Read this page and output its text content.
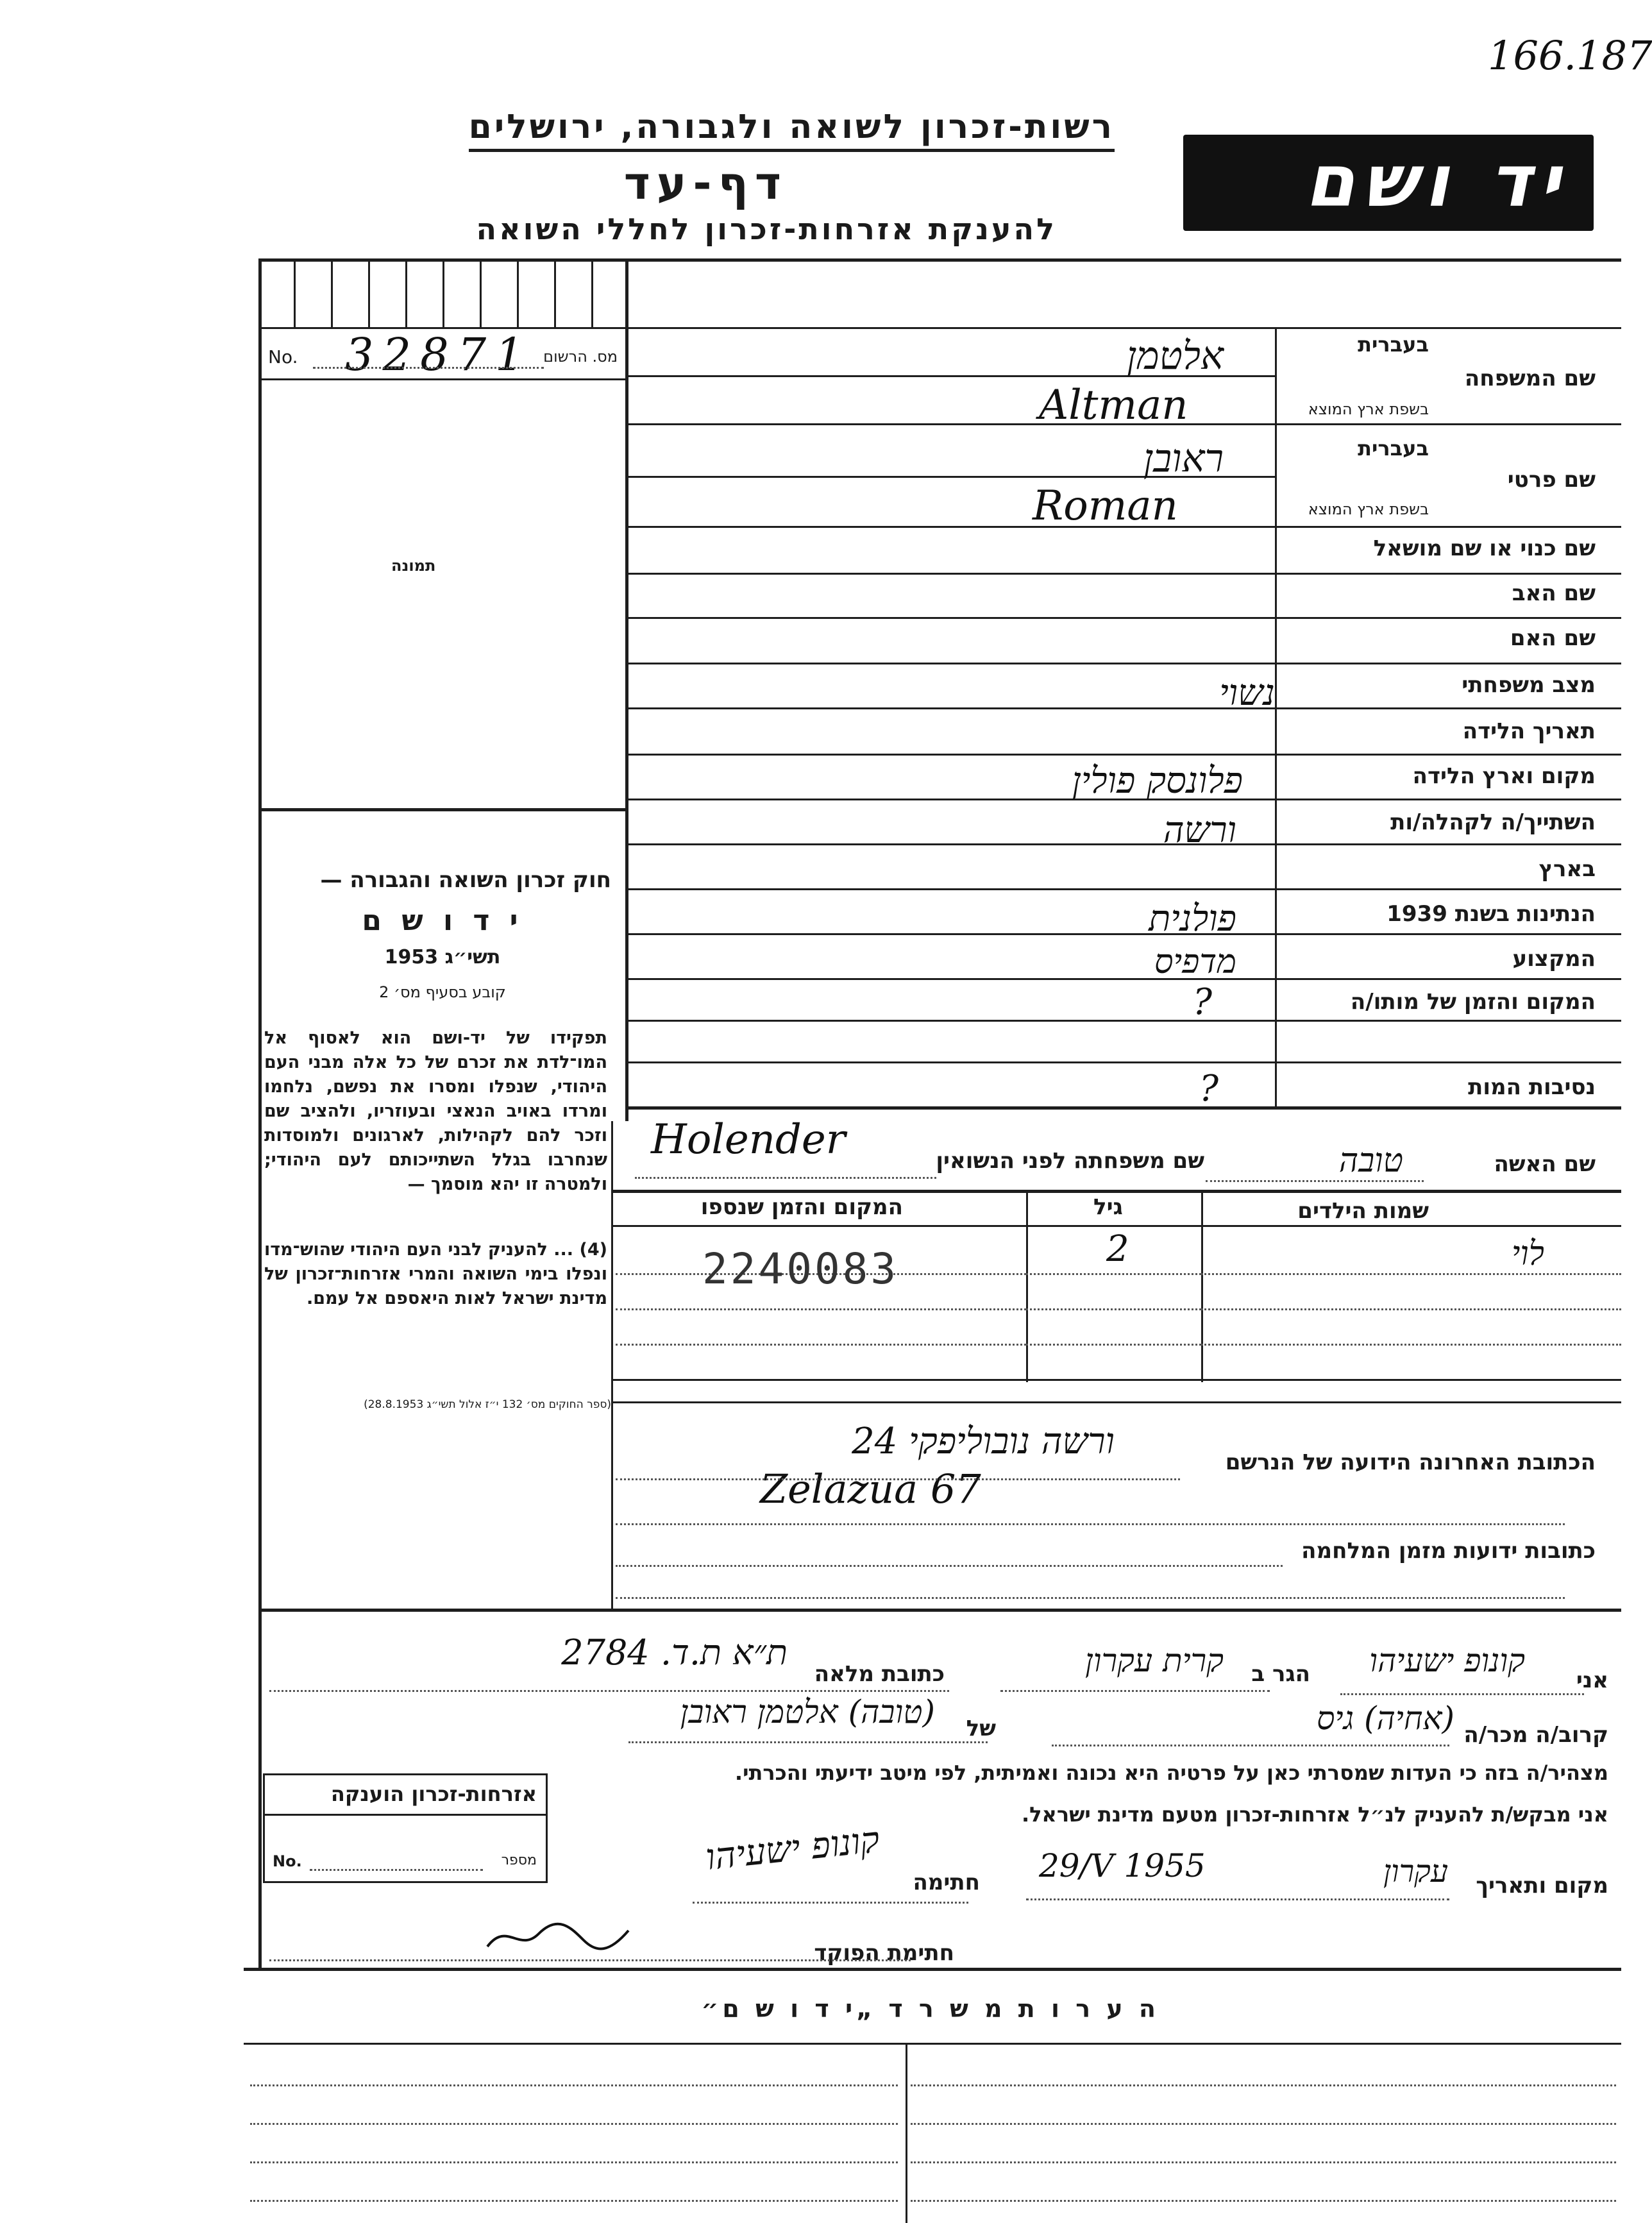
166.187
רשות-זכרון לשואה ולגבורה, ירושלים
דף-עד
להענקת אזרחות-זכרון לחללי השואה
יד ושם
No. 32871 מס. הרשום
תמונה
חוק זכרון השואה והגבורה —
י ד ו ש ם
תשי״ג 1953
קובע בסעיף מס׳ 2
תפקידו של יד-ושם הוא לאסוף אל המו־לדת את זכרם של כל אלה מבני העם היהודי, שנפלו ומסרו את נפשם, נלחמו ומרדו באויב הנאצי ובעוזריו, ולהציב שם וזכר להם לקהילות, לארגונים ולמוסדות שנחרבו בגלל השתייכותם לעם היהודי; ולמטרה זו יהא מוסמך —
(4) ... להעניק לבני העם היהודי שהוש־מדו ונפלו בימי השואה והמרי אזרחות־זכרון של מדינת ישראל לאות היאספם אל עמם.
(ספר החוקים מס׳ 132 י״ז אלול תשי״ג 28.8.1953)
שם המשפחה
בעברית
בשפת ארץ המוצא
אלטמן
Altman
שם פרטי
בעברית
בשפת ארץ המוצא
ראובן
Roman
שם כנוי או שם מושאל
שם האב
שם האם
מצב משפחתי
נשוי
תאריך הלידה
מקום וארץ הלידה
פלונסק פולין
השתייך/ה לקהלה/ות
ורשה
בארץ
הנתינות בשנת 1939
פולנית
המקצוע
מדפיס
המקום והזמן של מותו/ה
?
נסיבות המות
?
שם האשה
טובה
שם משפחתה לפני הנשואין
Holender
שמות הילדים
גיל
המקום והזמן שנספו
לוי
2
2240083
הכתובת האחרונה הידועה של הנרשם
ורשה נובוליפקי 24
Zelazua 67
כתובות ידועות מזמן המלחמה
אני
קונופ ישעיהו
הגר ב
קרית עקרון
כתובת מלאה
ת״א ת.ד. 2784
קרוב/ה מכר/ה
(אחיה) גיס
של
(טובה) אלטמן ראובן
מצהיר/ה בזה כי העדות שמסרתי כאן על פרטיה היא נכונה ואמיתית, לפי מיטב ידיעתי והכרתי.
אני מבקש/ת להעניק לנ״ל אזרחות-זכרון מטעם מדינת ישראל.
מקום ותאריך
עקרון
29/V 1955
חתימה
קונופ ישעיהו
חתימת הפוקד
אזרחות-זכרון הוענקה
No.	מספר
ה ע ר ו ת מ ש ר ד „י ד ו ש ם״
